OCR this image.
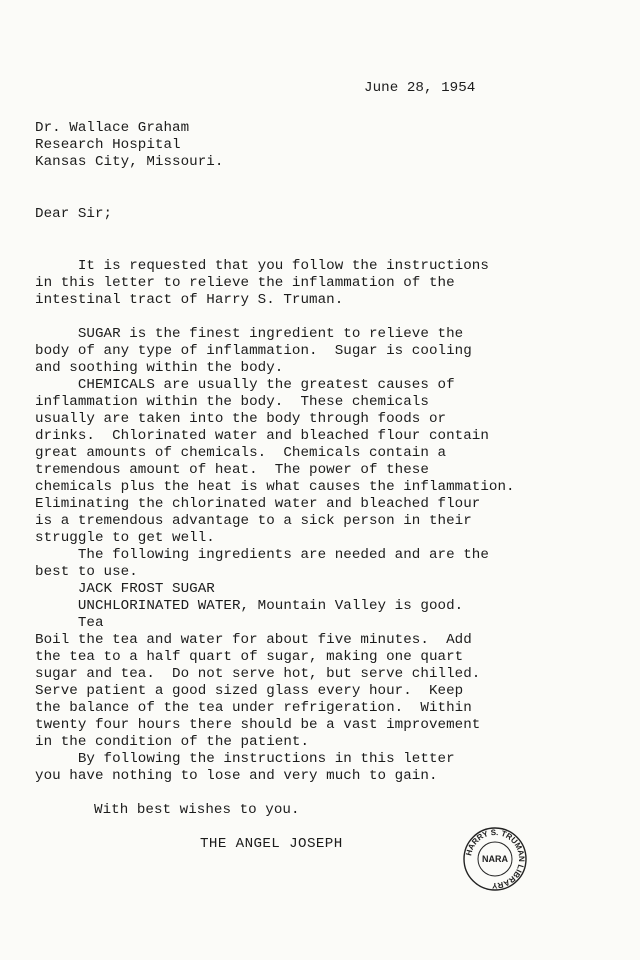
June 28, 1954
Dr. Wallace Graham
Research Hospital
Kansas City, Missouri.
Dear Sir;
It is requested that you follow the instructions
in this letter to relieve the inflammation of the
intestinal tract of Harry S. Truman.

SUGAR is the finest ingredient to relieve the
body of any type of inflammation.  Sugar is cooling
and soothing within the body.
CHEMICALS are usually the greatest causes of
inflammation within the body.  These chemicals
usually are taken into the body through foods or
drinks.  Chlorinated water and bleached flour contain
great amounts of chemicals.  Chemicals contain a
tremendous amount of heat.  The power of these
chemicals plus the heat is what causes the inflammation.
Eliminating the chlorinated water and bleached flour
is a tremendous advantage to a sick person in their
struggle to get well.
The following ingredients are needed and are the
best to use.
JACK FROST SUGAR
UNCHLORINATED WATER, Mountain Valley is good.
Tea
Boil the tea and water for about five minutes.  Add
the tea to a half quart of sugar, making one quart
sugar and tea.  Do not serve hot, but serve chilled.
Serve patient a good sized glass every hour.  Keep
the balance of the tea under refrigeration.  Within
twenty four hours there should be a vast improvement
in the condition of the patient.
By following the instructions in this letter
you have nothing to lose and very much to gain.
With best wishes to you.
THE ANGEL JOSEPH
HARRY S. TRUMAN LIBRARY
NARA
